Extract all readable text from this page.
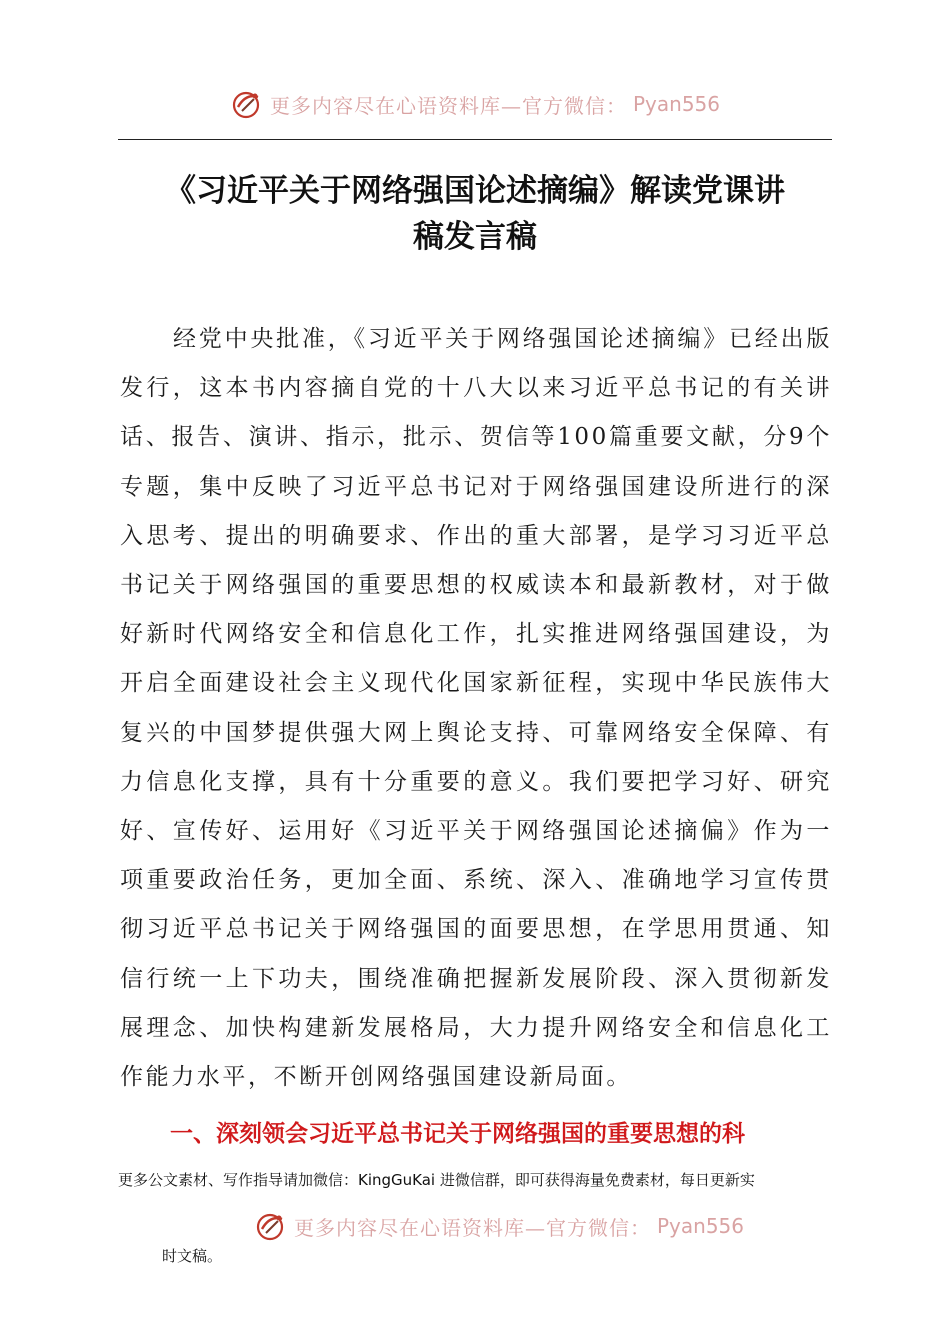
更多内容尽在心语资料库—官方微信： Pyan556
《习近平关于网络强国论述摘编》解读党课讲
稿发言稿

经党中央批准，《习近平关于网络强国论述摘编》已经出版发行，这本书内容摘自党的十八大以来习近平总书记的有关讲话、报告、演讲、指示，批示、贺信等100篇重要文献，分9个专题，集中反映了习近平总书记对于网络强国建设所进行的深入思考、提出的明确要求、作出的重大部署，是学习习近平总书记关于网络强国的重要思想的权威读本和最新教材，对于做好新时代网络安全和信息化工作，扎实推进网络强国建设，为开启全面建设社会主义现代化国家新征程，实现中华民族伟大复兴的中国梦提供强大网上舆论支持、可靠网络安全保障、有力信息化支撑，具有十分重要的意义。我们要把学习好、研究好、宣传好、运用好《习近平关于网络强国论述摘偏》作为一项重要政治任务，更加全面、系统、深入、准确地学习宣传贯彻习近平总书记关于网络强国的面要思想，在学思用贯通、知信行统一上下功夫，围绕准确把握新发展阶段、深入贯彻新发展理念、加快构建新发展格局，大力提升网络安全和信息化工作能力水平，不断开创网络强国建设新局面。

一、深刻领会习近平总书记关于网络强国的重要思想的科
更多公文素材、写作指导请加微信：KingGuKai 进微信群，即可获得海量免费素材，每日更新实
更多内容尽在心语资料库—官方微信： Pyan556
时文稿。
